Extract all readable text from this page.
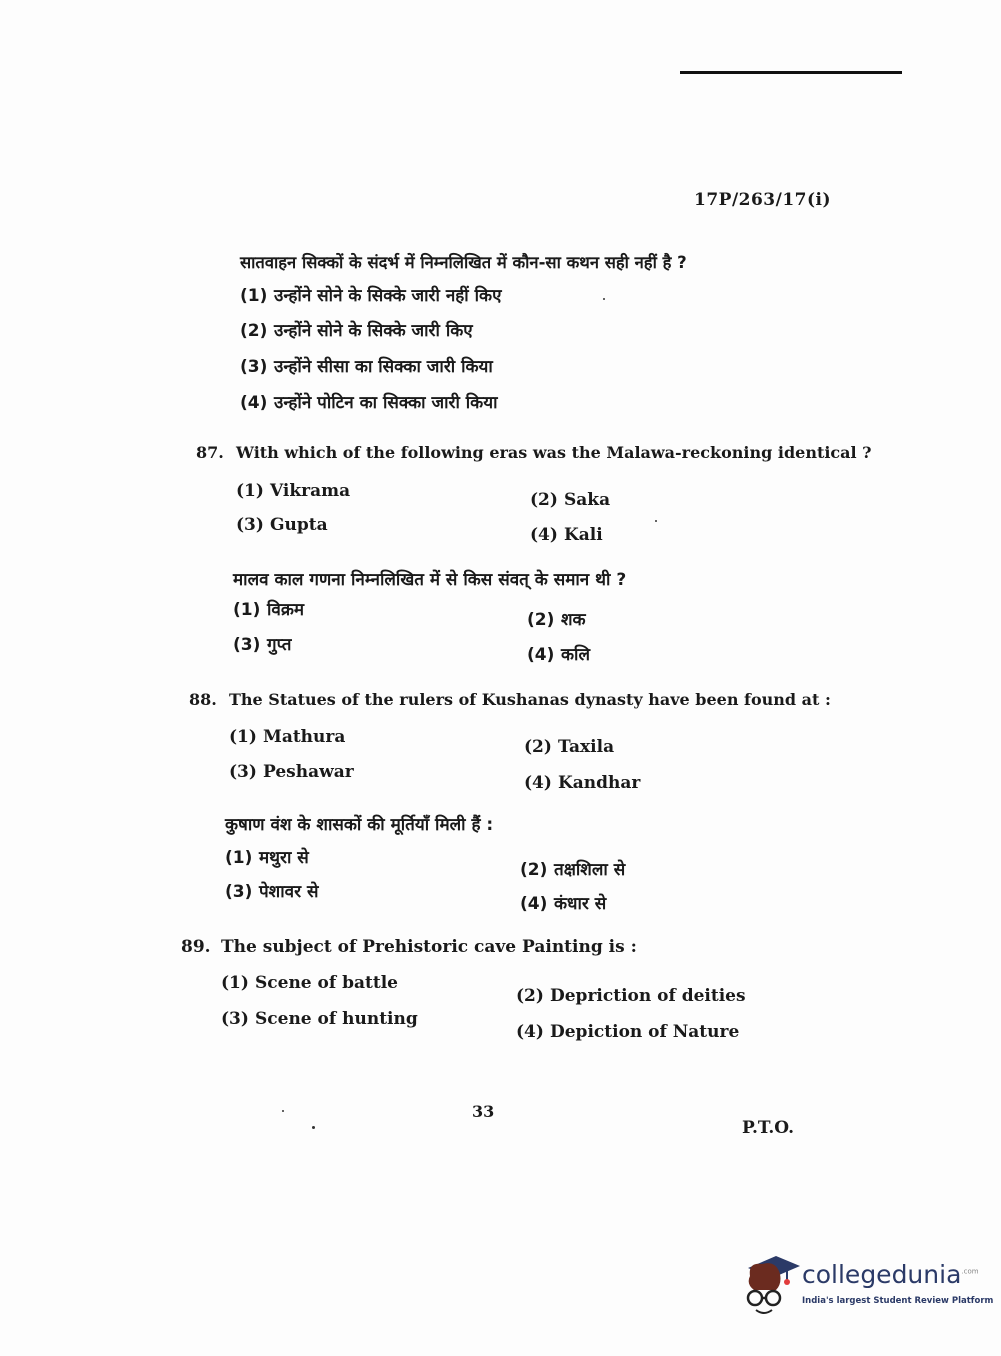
17P/263/17(i)
सातवाहन सिक्कों के संदर्भ में निम्नलिखित में कौन-सा कथन सही नहीं है ?
(1) उन्होंने सोने के सिक्के जारी नहीं किए
(2) उन्होंने सोने के सिक्के जारी किए
(3) उन्होंने सीसा का सिक्का जारी किया
(4) उन्होंने पोटिन का सिक्का जारी किया
87. With which of the following eras was the Malawa-reckoning identical ?
(1) Vikrama	(2) Saka
(3) Gupta	(4) Kali
मालव काल गणना निम्नलिखित में से किस संवत् के समान थी ?
(1) विक्रम	(2) शक
(3) गुप्त	(4) कलि
88. The Statues of the rulers of Kushanas dynasty have been found at :
(1) Mathura	(2) Taxila
(3) Peshawar
(4) Kandhar
कुषाण वंश के शासकों की मूर्तियाँ मिली हैं :
(1) मथुरा से
(2) तक्षशिला से
(3) पेशावर से
(4) कंधार से
89. The subject of Prehistoric cave Painting is :
(1) Scene of battle
(2) Depriction of deities
(3) Scene of hunting
(4) Depiction of Nature
33
P.T.O.
collegedunia$^{.com}$
India's largest Student Review Platform
